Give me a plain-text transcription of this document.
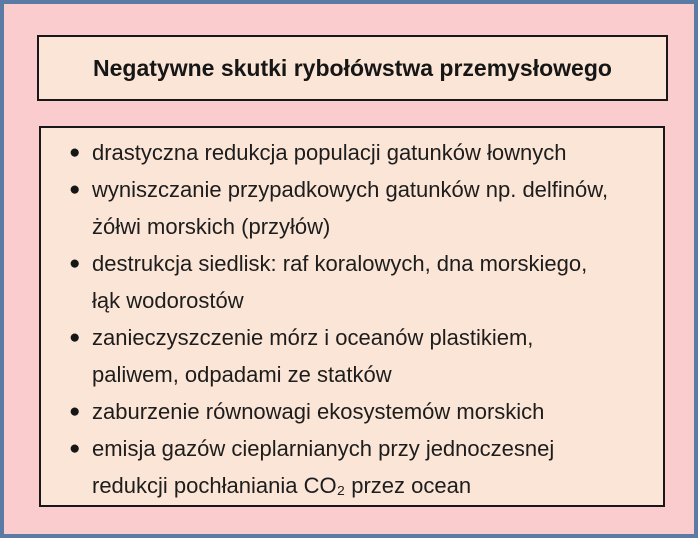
Negatywne skutki rybołówstwa przemysłowego
● drastyczna redukcja populacji gatunków łownych
● wyniszczanie przypadkowych gatunków np. delfinów,
żółwi morskich (przyłów)
● destrukcja siedlisk: raf koralowych, dna morskiego,
łąk wodorostów
● zanieczyszczenie mórz i oceanów plastikiem,
paliwem, odpadami ze statków
● zaburzenie równowagi ekosystemów morskich
● emisja gazów cieplarnianych przy jednoczesnej
redukcji pochłaniania CO₂ przez ocean
